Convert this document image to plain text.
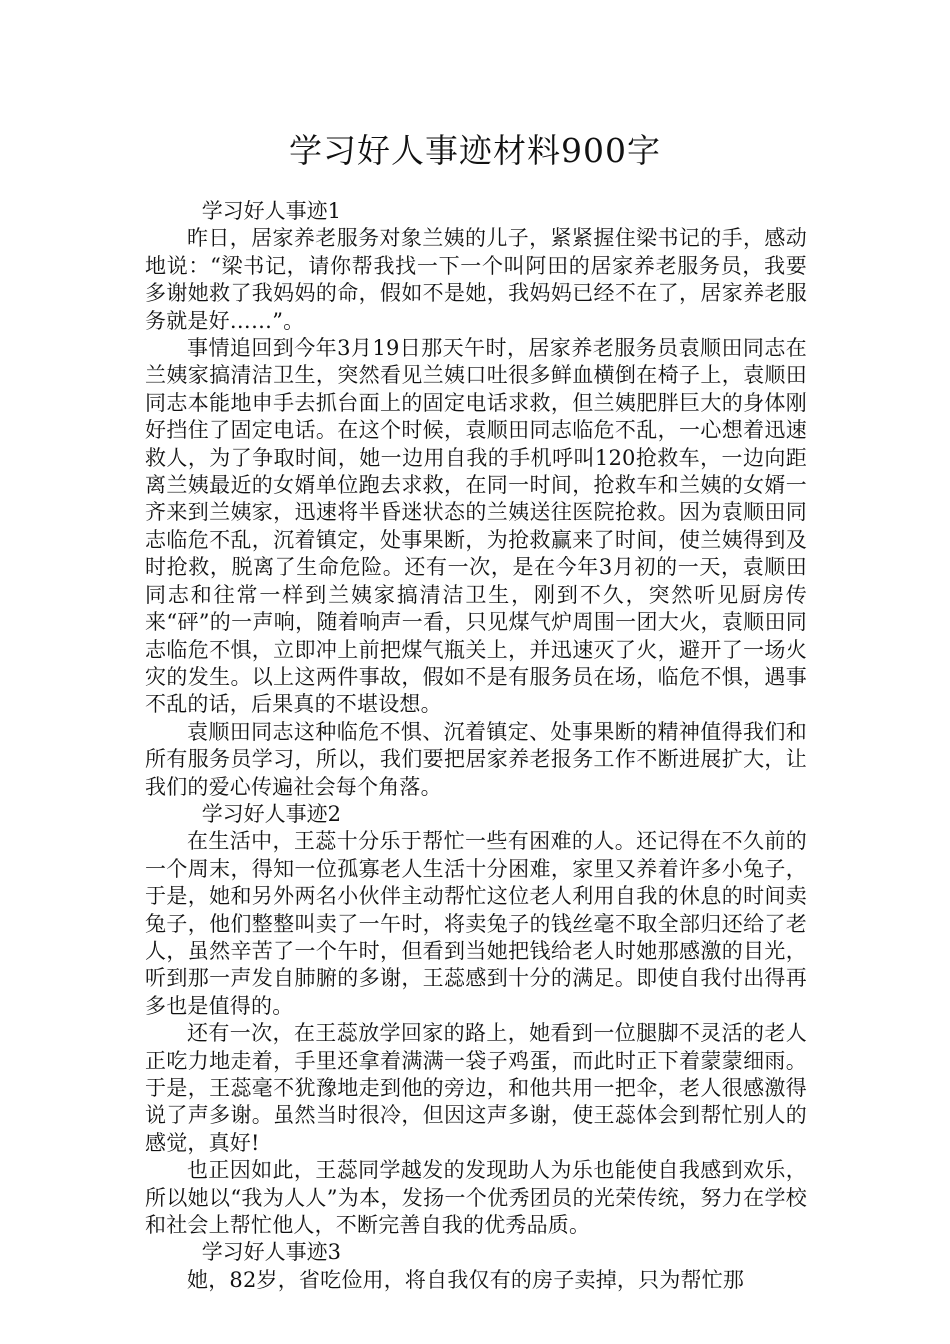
学习好人事迹材料900字
学习好人事迹1

昨日，居家养老服务对象兰姨的儿子，紧紧握住梁书记的手，感动地说：“梁书记，请你帮我找一下一个叫阿田的居家养老服务员，我要多谢她救了我妈妈的命，假如不是她，我妈妈已经不在了，居家养老服务就是好……”。

事情追回到今年3月19日那天午时，居家养老服务员袁顺田同志在兰姨家搞清洁卫生，突然看见兰姨口吐很多鲜血横倒在椅子上，袁顺田同志本能地申手去抓台面上的固定电话求救，但兰姨肥胖巨大的身体刚好挡住了固定电话。在这个时候，袁顺田同志临危不乱，一心想着迅速救人，为了争取时间，她一边用自我的手机呼叫120抢救车，一边向距离兰姨最近的女婿单位跑去求救，在同一时间，抢救车和兰姨的女婿一齐来到兰姨家，迅速将半昏迷状态的兰姨送往医院抢救。因为袁顺田同志临危不乱，沉着镇定，处事果断，为抢救赢来了时间，使兰姨得到及时抢救，脱离了生命危险。还有一次，是在今年3月初的一天，袁顺田同志和往常一样到兰姨家搞清洁卫生，刚到不久，突然听见厨房传来“砰”的一声响，随着响声一看，只见煤气炉周围一团大火，袁顺田同志临危不惧，立即冲上前把煤气瓶关上，并迅速灭了火，避开了一场火灾的发生。以上这两件事故，假如不是有服务员在场，临危不惧，遇事不乱的话，后果真的不堪设想。

袁顺田同志这种临危不惧、沉着镇定、处事果断的精神值得我们和所有服务员学习，所以，我们要把居家养老报务工作不断进展扩大，让我们的爱心传遍社会每个角落。

学习好人事迹2

在生活中，王蕊十分乐于帮忙一些有困难的人。还记得在不久前的一个周末，得知一位孤寡老人生活十分困难，家里又养着许多小兔子，于是，她和另外两名小伙伴主动帮忙这位老人利用自我的休息的时间卖兔子，他们整整叫卖了一午时，将卖兔子的钱丝毫不取全部归还给了老人，虽然辛苦了一个午时，但看到当她把钱给老人时她那感激的目光，听到那一声发自肺腑的多谢，王蕊感到十分的满足。即使自我付出得再多也是值得的。

还有一次，在王蕊放学回家的路上，她看到一位腿脚不灵活的老人正吃力地走着，手里还拿着满满一袋子鸡蛋，而此时正下着蒙蒙细雨。于是，王蕊毫不犹豫地走到他的旁边，和他共用一把伞，老人很感激得说了声多谢。虽然当时很冷，但因这声多谢，使王蕊体会到帮忙别人的感觉，真好!

也正因如此，王蕊同学越发的发现助人为乐也能使自我感到欢乐，所以她以“我为人人”为本，发扬一个优秀团员的光荣传统，努力在学校和社会上帮忙他人，不断完善自我的优秀品质。

学习好人事迹3

她，82岁，省吃俭用，将自我仅有的房子卖掉，只为帮忙那
